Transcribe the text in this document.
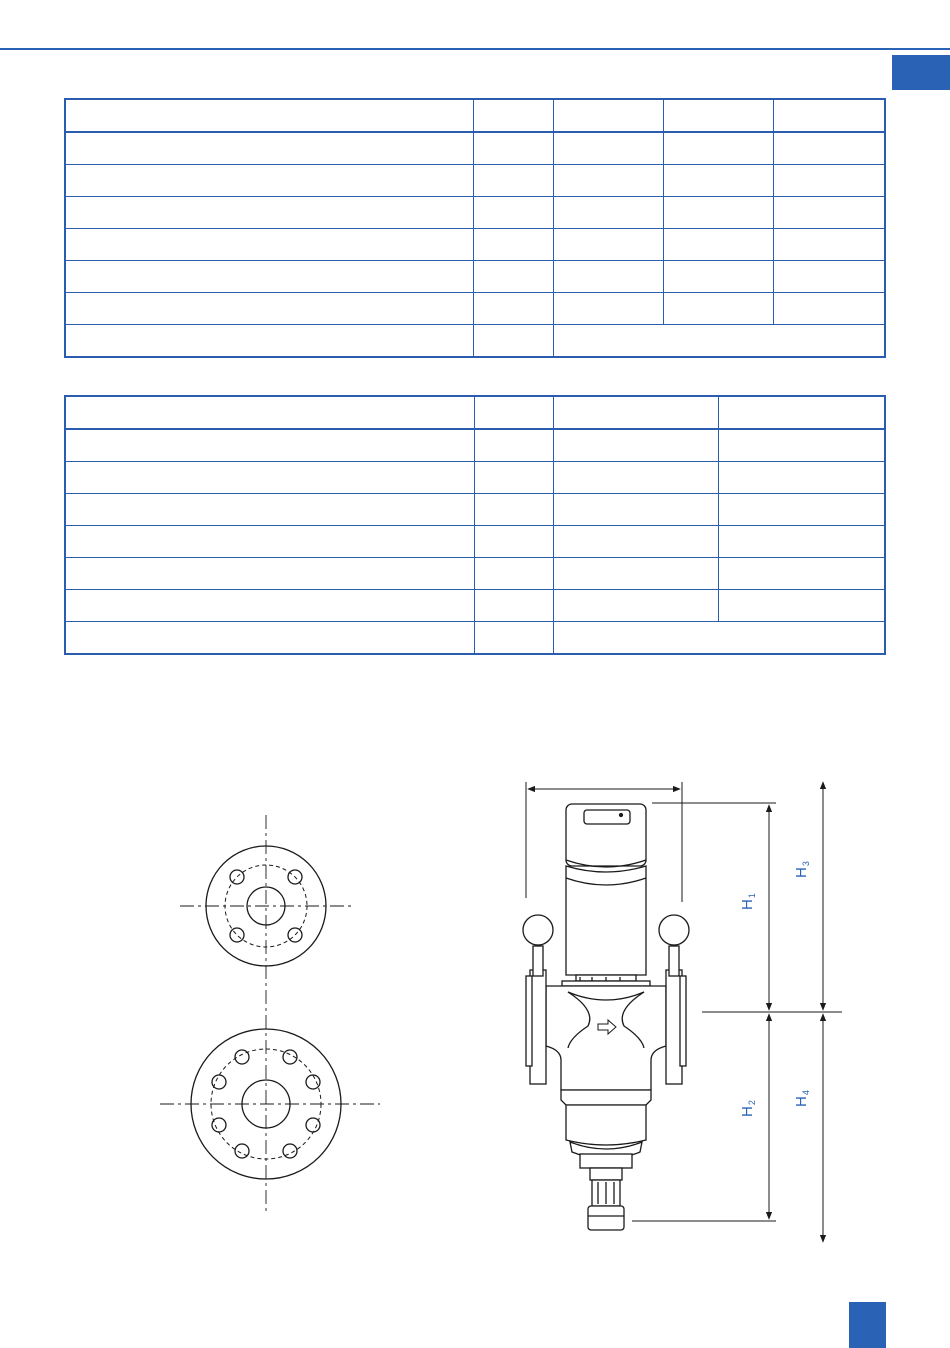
$H_1$
$H_2$
$H_3$
$H_4$
